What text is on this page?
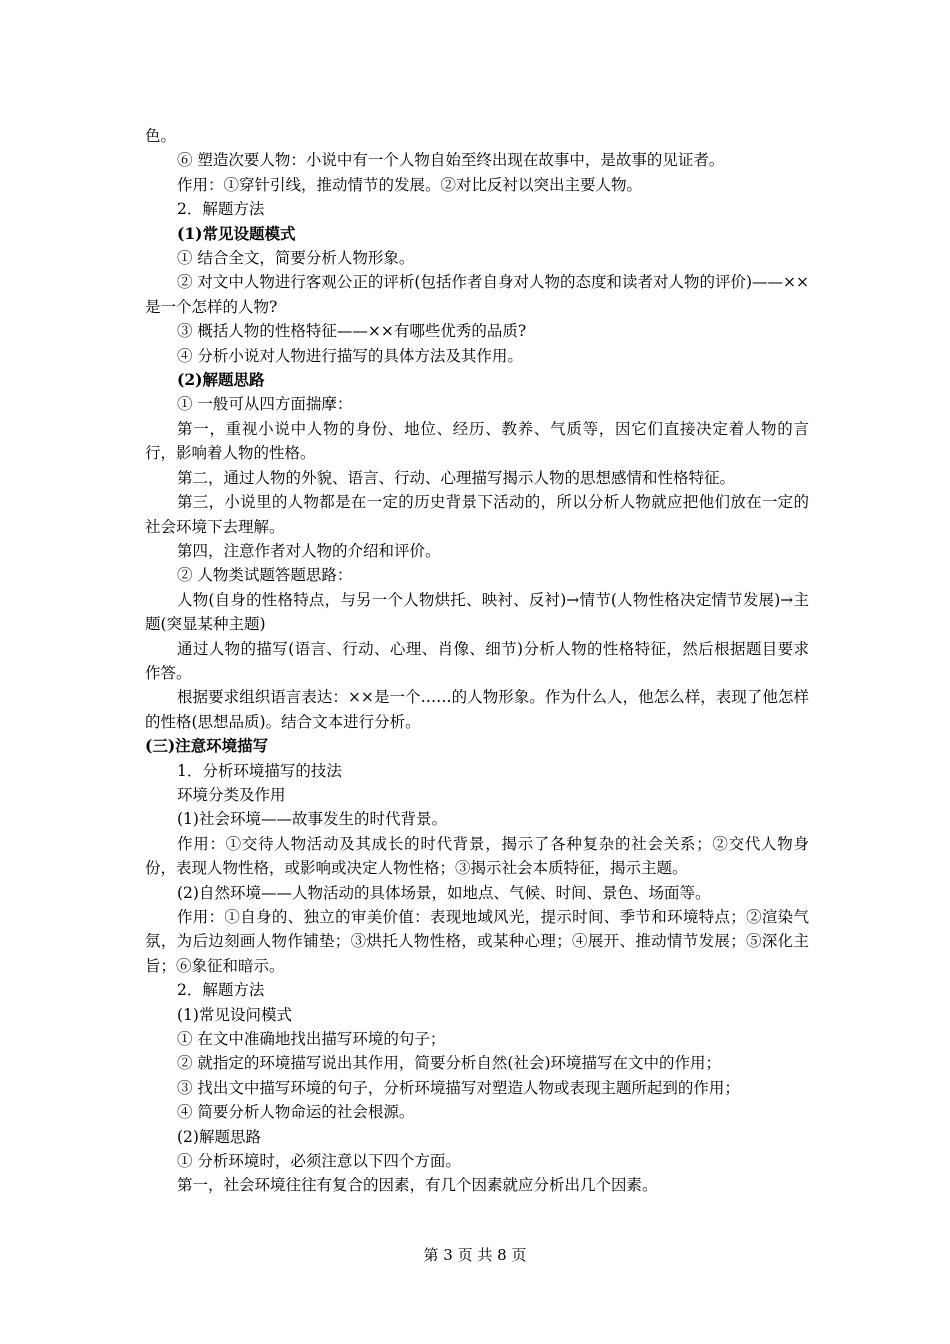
色。

⑥ 塑造次要人物：小说中有一个人物自始至终出现在故事中，是故事的见证者。

作用：①穿针引线，推动情节的发展。②对比反衬以突出主要人物。

2．解题方法

(1)常见设题模式

① 结合全文，简要分析人物形象。

② 对文中人物进行客观公正的评析(包括作者自身对人物的态度和读者对人物的评价)——××是一个怎样的人物?

③ 概括人物的性格特征——××有哪些优秀的品质?

④ 分析小说对人物进行描写的具体方法及其作用。

(2)解题思路

① 一般可从四方面揣摩：

第一，重视小说中人物的身份、地位、经历、教养、气质等，因它们直接决定着人物的言行，影响着人物的性格。

第二，通过人物的外貌、语言、行动、心理描写揭示人物的思想感情和性格特征。

第三，小说里的人物都是在一定的历史背景下活动的，所以分析人物就应把他们放在一定的社会环境下去理解。

第四，注意作者对人物的介绍和评价。

② 人物类试题答题思路：

人物(自身的性格特点，与另一个人物烘托、映衬、反衬)→情节(人物性格决定情节发展)→主题(突显某种主题)

通过人物的描写(语言、行动、心理、肖像、细节)分析人物的性格特征，然后根据题目要求作答。

根据要求组织语言表达：××是一个……的人物形象。作为什么人，他怎么样，表现了他怎样的性格(思想品质)。结合文本进行分析。

(三)注意环境描写

1．分析环境描写的技法

环境分类及作用

(1)社会环境——故事发生的时代背景。

作用：①交待人物活动及其成长的时代背景，揭示了各种复杂的社会关系；②交代人物身份，表现人物性格，或影响或决定人物性格；③揭示社会本质特征，揭示主题。

(2)自然环境——人物活动的具体场景，如地点、气候、时间、景色、场面等。

作用：①自身的、独立的审美价值：表现地域风光，提示时间、季节和环境特点；②渲染气氛，为后边刻画人物作铺垫；③烘托人物性格，或某种心理；④展开、推动情节发展；⑤深化主旨；⑥象征和暗示。

2．解题方法

(1)常见设问模式

① 在文中准确地找出描写环境的句子；

② 就指定的环境描写说出其作用，简要分析自然(社会)环境描写在文中的作用；

③ 找出文中描写环境的句子，分析环境描写对塑造人物或表现主题所起到的作用；

④ 简要分析人物命运的社会根源。

(2)解题思路

① 分析环境时，必须注意以下四个方面。

第一，社会环境往往有复合的因素，有几个因素就应分析出几个因素。

第 3 页 共 8 页
